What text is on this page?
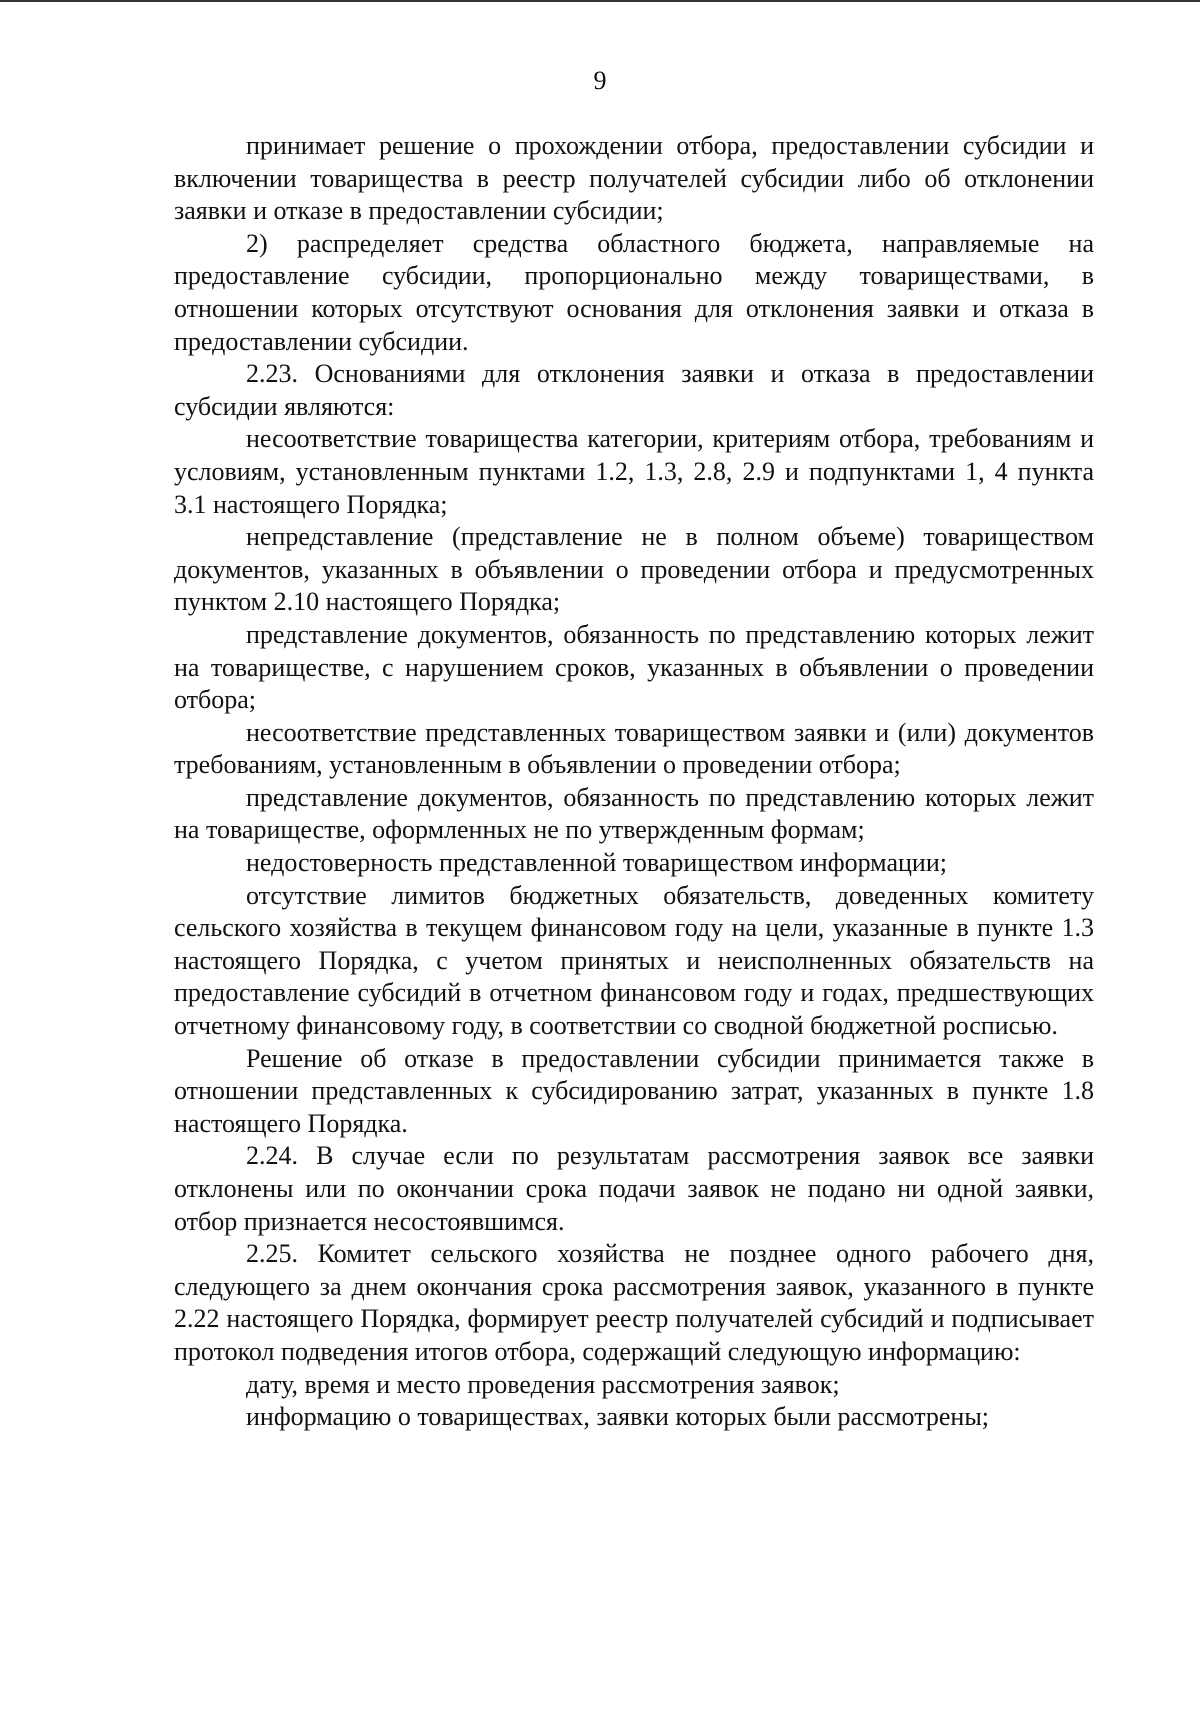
9

принимает решение о прохождении отбора, предоставлении субсидии и включении товарищества в реестр получателей субсидии либо об отклонении заявки и отказе в предоставлении субсидии;

2) распределяет средства областного бюджета, направляемые на предоставление субсидии, пропорционально между товариществами, в отношении которых отсутствуют основания для отклонения заявки и отказа в предоставлении субсидии.

2.23. Основаниями для отклонения заявки и отказа в предоставлении субсидии являются:

несоответствие товарищества категории, критериям отбора, требованиям и условиям, установленным пунктами 1.2, 1.3, 2.8, 2.9 и подпунктами 1, 4 пункта 3.1 настоящего Порядка;

непредставление (представление не в полном объеме) товариществом документов, указанных в объявлении о проведении отбора и предусмотренных пунктом 2.10 настоящего Порядка;

представление документов, обязанность по представлению которых лежит на товариществе, с нарушением сроков, указанных в объявлении о проведении отбора;

несоответствие представленных товариществом заявки и (или) документов требованиям, установленным в объявлении о проведении отбора;

представление документов, обязанность по представлению которых лежит на товариществе, оформленных не по утвержденным формам;

недостоверность представленной товариществом информации;

отсутствие лимитов бюджетных обязательств, доведенных комитету сельского хозяйства в текущем финансовом году на цели, указанные в пункте 1.3 настоящего Порядка, с учетом принятых и неисполненных обязательств на предоставление субсидий в отчетном финансовом году и годах, предшествующих отчетному финансовому году, в соответствии со сводной бюджетной росписью.

Решение об отказе в предоставлении субсидии принимается также в отношении представленных к субсидированию затрат, указанных в пункте 1.8 настоящего Порядка.

2.24. В случае если по результатам рассмотрения заявок все заявки отклонены или по окончании срока подачи заявок не подано ни одной заявки, отбор признается несостоявшимся.

2.25. Комитет сельского хозяйства не позднее одного рабочего дня, следующего за днем окончания срока рассмотрения заявок, указанного в пункте 2.22 настоящего Порядка, формирует реестр получателей субсидий и подписывает протокол подведения итогов отбора, содержащий следующую информацию:

дату, время и место проведения рассмотрения заявок;

информацию о товариществах, заявки которых были рассмотрены;
